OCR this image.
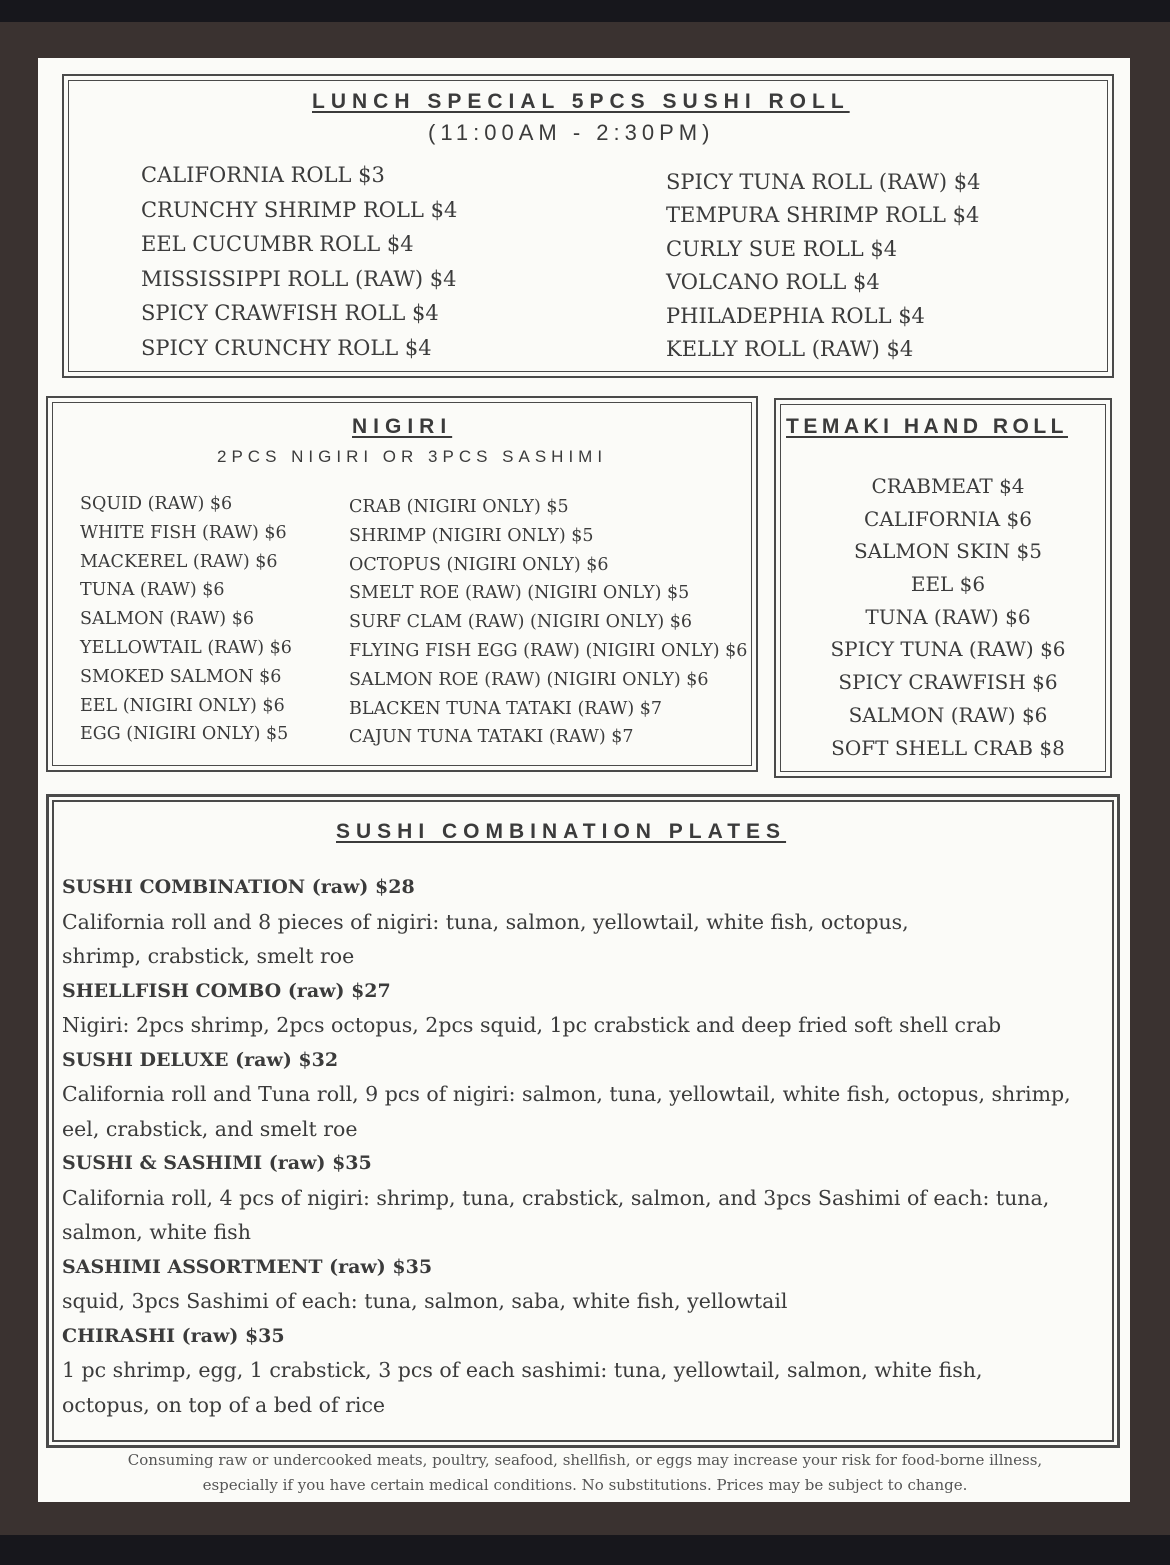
LUNCH SPECIAL 5PCS SUSHI ROLL
(11:00AM - 2:30PM)
CALIFORNIA ROLL $3
CRUNCHY SHRIMP ROLL $4
EEL CUCUMBR ROLL $4
MISSISSIPPI ROLL (RAW) $4
SPICY CRAWFISH ROLL $4
SPICY CRUNCHY ROLL $4
SPICY TUNA ROLL (RAW) $4
TEMPURA SHRIMP ROLL $4
CURLY SUE ROLL $4
VOLCANO ROLL $4
PHILADEPHIA ROLL $4
KELLY ROLL (RAW) $4
NIGIRI
2PCS NIGIRI OR 3PCS SASHIMI
SQUID (RAW) $6
WHITE FISH (RAW) $6
MACKEREL (RAW) $6
TUNA (RAW) $6
SALMON (RAW) $6
YELLOWTAIL (RAW) $6
SMOKED SALMON $6
EEL (NIGIRI ONLY) $6
EGG (NIGIRI ONLY) $5
CRAB (NIGIRI ONLY) $5
SHRIMP (NIGIRI ONLY) $5
OCTOPUS (NIGIRI ONLY) $6
SMELT ROE (RAW) (NIGIRI ONLY) $5
SURF CLAM (RAW) (NIGIRI ONLY) $6
FLYING FISH EGG (RAW) (NIGIRI ONLY) $6
SALMON ROE (RAW) (NIGIRI ONLY) $6
BLACKEN TUNA TATAKI (RAW) $7
CAJUN TUNA TATAKI (RAW) $7
TEMAKI HAND ROLL
CRABMEAT $4
CALIFORNIA $6
SALMON SKIN $5
EEL $6
TUNA (RAW) $6
SPICY TUNA (RAW) $6
SPICY CRAWFISH $6
SALMON (RAW) $6
SOFT SHELL CRAB $8
SUSHI COMBINATION PLATES
SUSHI COMBINATION (raw) $28
California roll and 8 pieces of nigiri: tuna, salmon, yellowtail, white fish, octopus, shrimp, crabstick, smelt roe
SHELLFISH COMBO (raw) $27
Nigiri: 2pcs shrimp, 2pcs octopus, 2pcs squid, 1pc crabstick and deep fried soft shell crab
SUSHI DELUXE (raw) $32
California roll and Tuna roll, 9 pcs of nigiri: salmon, tuna, yellowtail, white fish, octopus, shrimp, eel, crabstick, and smelt roe
SUSHI & SASHIMI (raw) $35
California roll, 4 pcs of nigiri: shrimp, tuna, crabstick, salmon, and 3pcs Sashimi of each: tuna, salmon, white fish
SASHIMI ASSORTMENT (raw) $35
squid, 3pcs Sashimi of each: tuna, salmon, saba, white fish, yellowtail
CHIRASHI (raw) $35
1 pc shrimp, egg, 1 crabstick, 3 pcs of each sashimi: tuna, yellowtail, salmon, white fish, octopus, on top of a bed of rice
Consuming raw or undercooked meats, poultry, seafood, shellfish, or eggs may increase your risk for food-borne illness, especially if you have certain medical conditions. No substitutions. Prices may be subject to change.
